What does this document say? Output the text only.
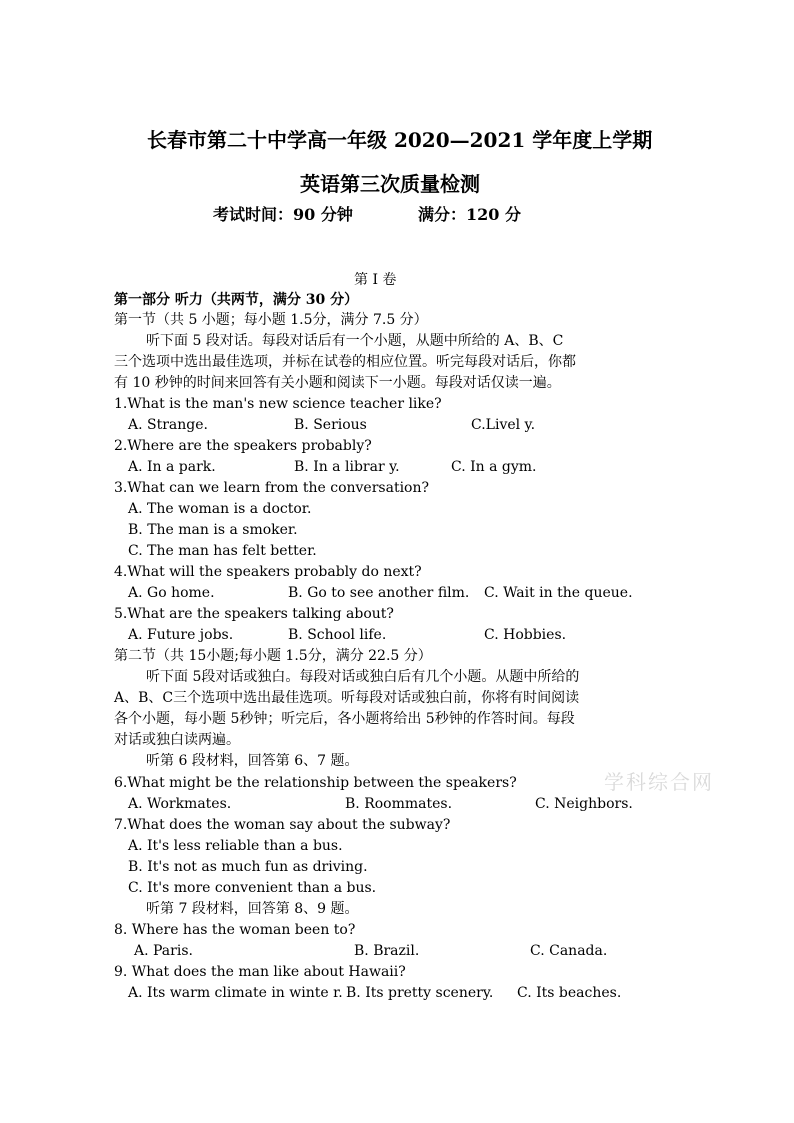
长春市第二十中学高一年级 2020—2021 学年度上学期
英语第三次质量检测
考试时间：90 分钟	满分：120 分
第 I 卷
第一部分 听力（共两节，满分 30 分）
第一节（共 5 小题；每小题 1.5分，满分 7.5 分）
听下面 5 段对话。每段对话后有一个小题，从题中所给的 A、B、C
三个选项中选出最佳选项，并标在试卷的相应位置。听完每段对话后，你都
有 10 秒钟的时间来回答有关小题和阅读下一小题。每段对话仅读一遍。
1.What is the man's new science teacher like?
A. Strange.	B. Serious	C.Livel y.
2.Where are the speakers probably?
A. In a park.	B. In a librar y.	C. In a gym.
3.What can we learn from the conversation?
A. The woman is a doctor.
B. The man is a smoker.
C. The man has felt better.
4.What will the speakers probably do next?
A. Go home.	B. Go to see another film. C. Wait in the queue.
5.What are the speakers talking about?
A. Future jobs.	B. School life.	C. Hobbies.
第二节（共 15小题;每小题 1.5分，满分 22.5 分）
听下面 5段对话或独白。每段对话或独白后有几个小题。从题中所给的
A、B、C三个选项中选出最佳选项。听每段对话或独白前，你将有时间阅读
各个小题，每小题 5秒钟；听完后，各小题将给出 5秒钟的作答时间。每段
对话或独白读两遍。
听第 6 段材料，回答第 6、7 题。
学科综合网
6.What might be the relationship between the speakers?
A. Workmates.	B. Roommates.	C. Neighbors.
7.What does the woman say about the subway?
A. It's less reliable than a bus.
B. It's not as much fun as driving.
C. It's more convenient than a bus.
听第 7 段材料，回答第 8、9 题。
8. Where has the woman been to?
A. Paris.	B. Brazil.	C. Canada.
9. What does the man like about Hawaii?
A. Its warm climate in winte r. B. Its pretty scenery. C. Its beaches.
